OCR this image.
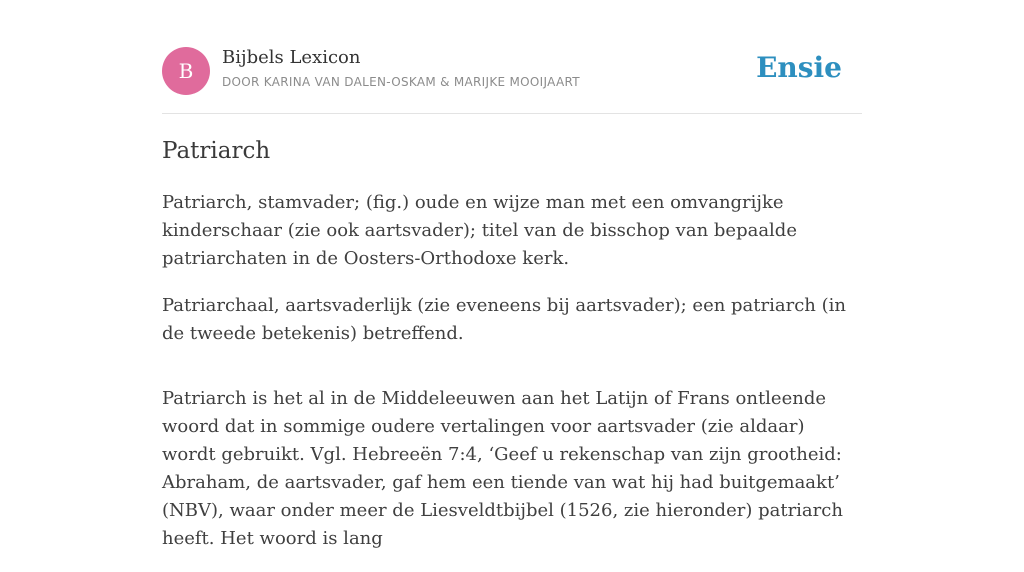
B
Bijbels Lexicon
DOOR KARINA VAN DALEN-OSKAM & MARIJKE MOOIJAART	Ensie
Patriarch

Patriarch, stamvader; (fig.) oude en wijze man met een omvangrijke kinderschaar (zie ook aartsvader); titel van de bisschop van bepaalde patriarchaten in de Oosters-Orthodoxe kerk.

Patriarchaal, aartsvaderlijk (zie eveneens bij aartsvader); een patriarch (in de tweede betekenis) betreffend.

Patriarch is het al in de Middeleeuwen aan het Latijn of Frans ontleende woord dat in sommige oudere vertalingen voor aartsvader (zie aldaar) wordt gebruikt. Vgl. Hebreeën 7:4, ‘Geef u rekenschap van zijn grootheid: Abraham, de aartsvader, gaf hem een tiende van wat hij had buitgemaakt’ (NBV), waar onder meer de Liesveldtbijbel (1526, zie hieronder) patriarch heeft. Het woord is lang
